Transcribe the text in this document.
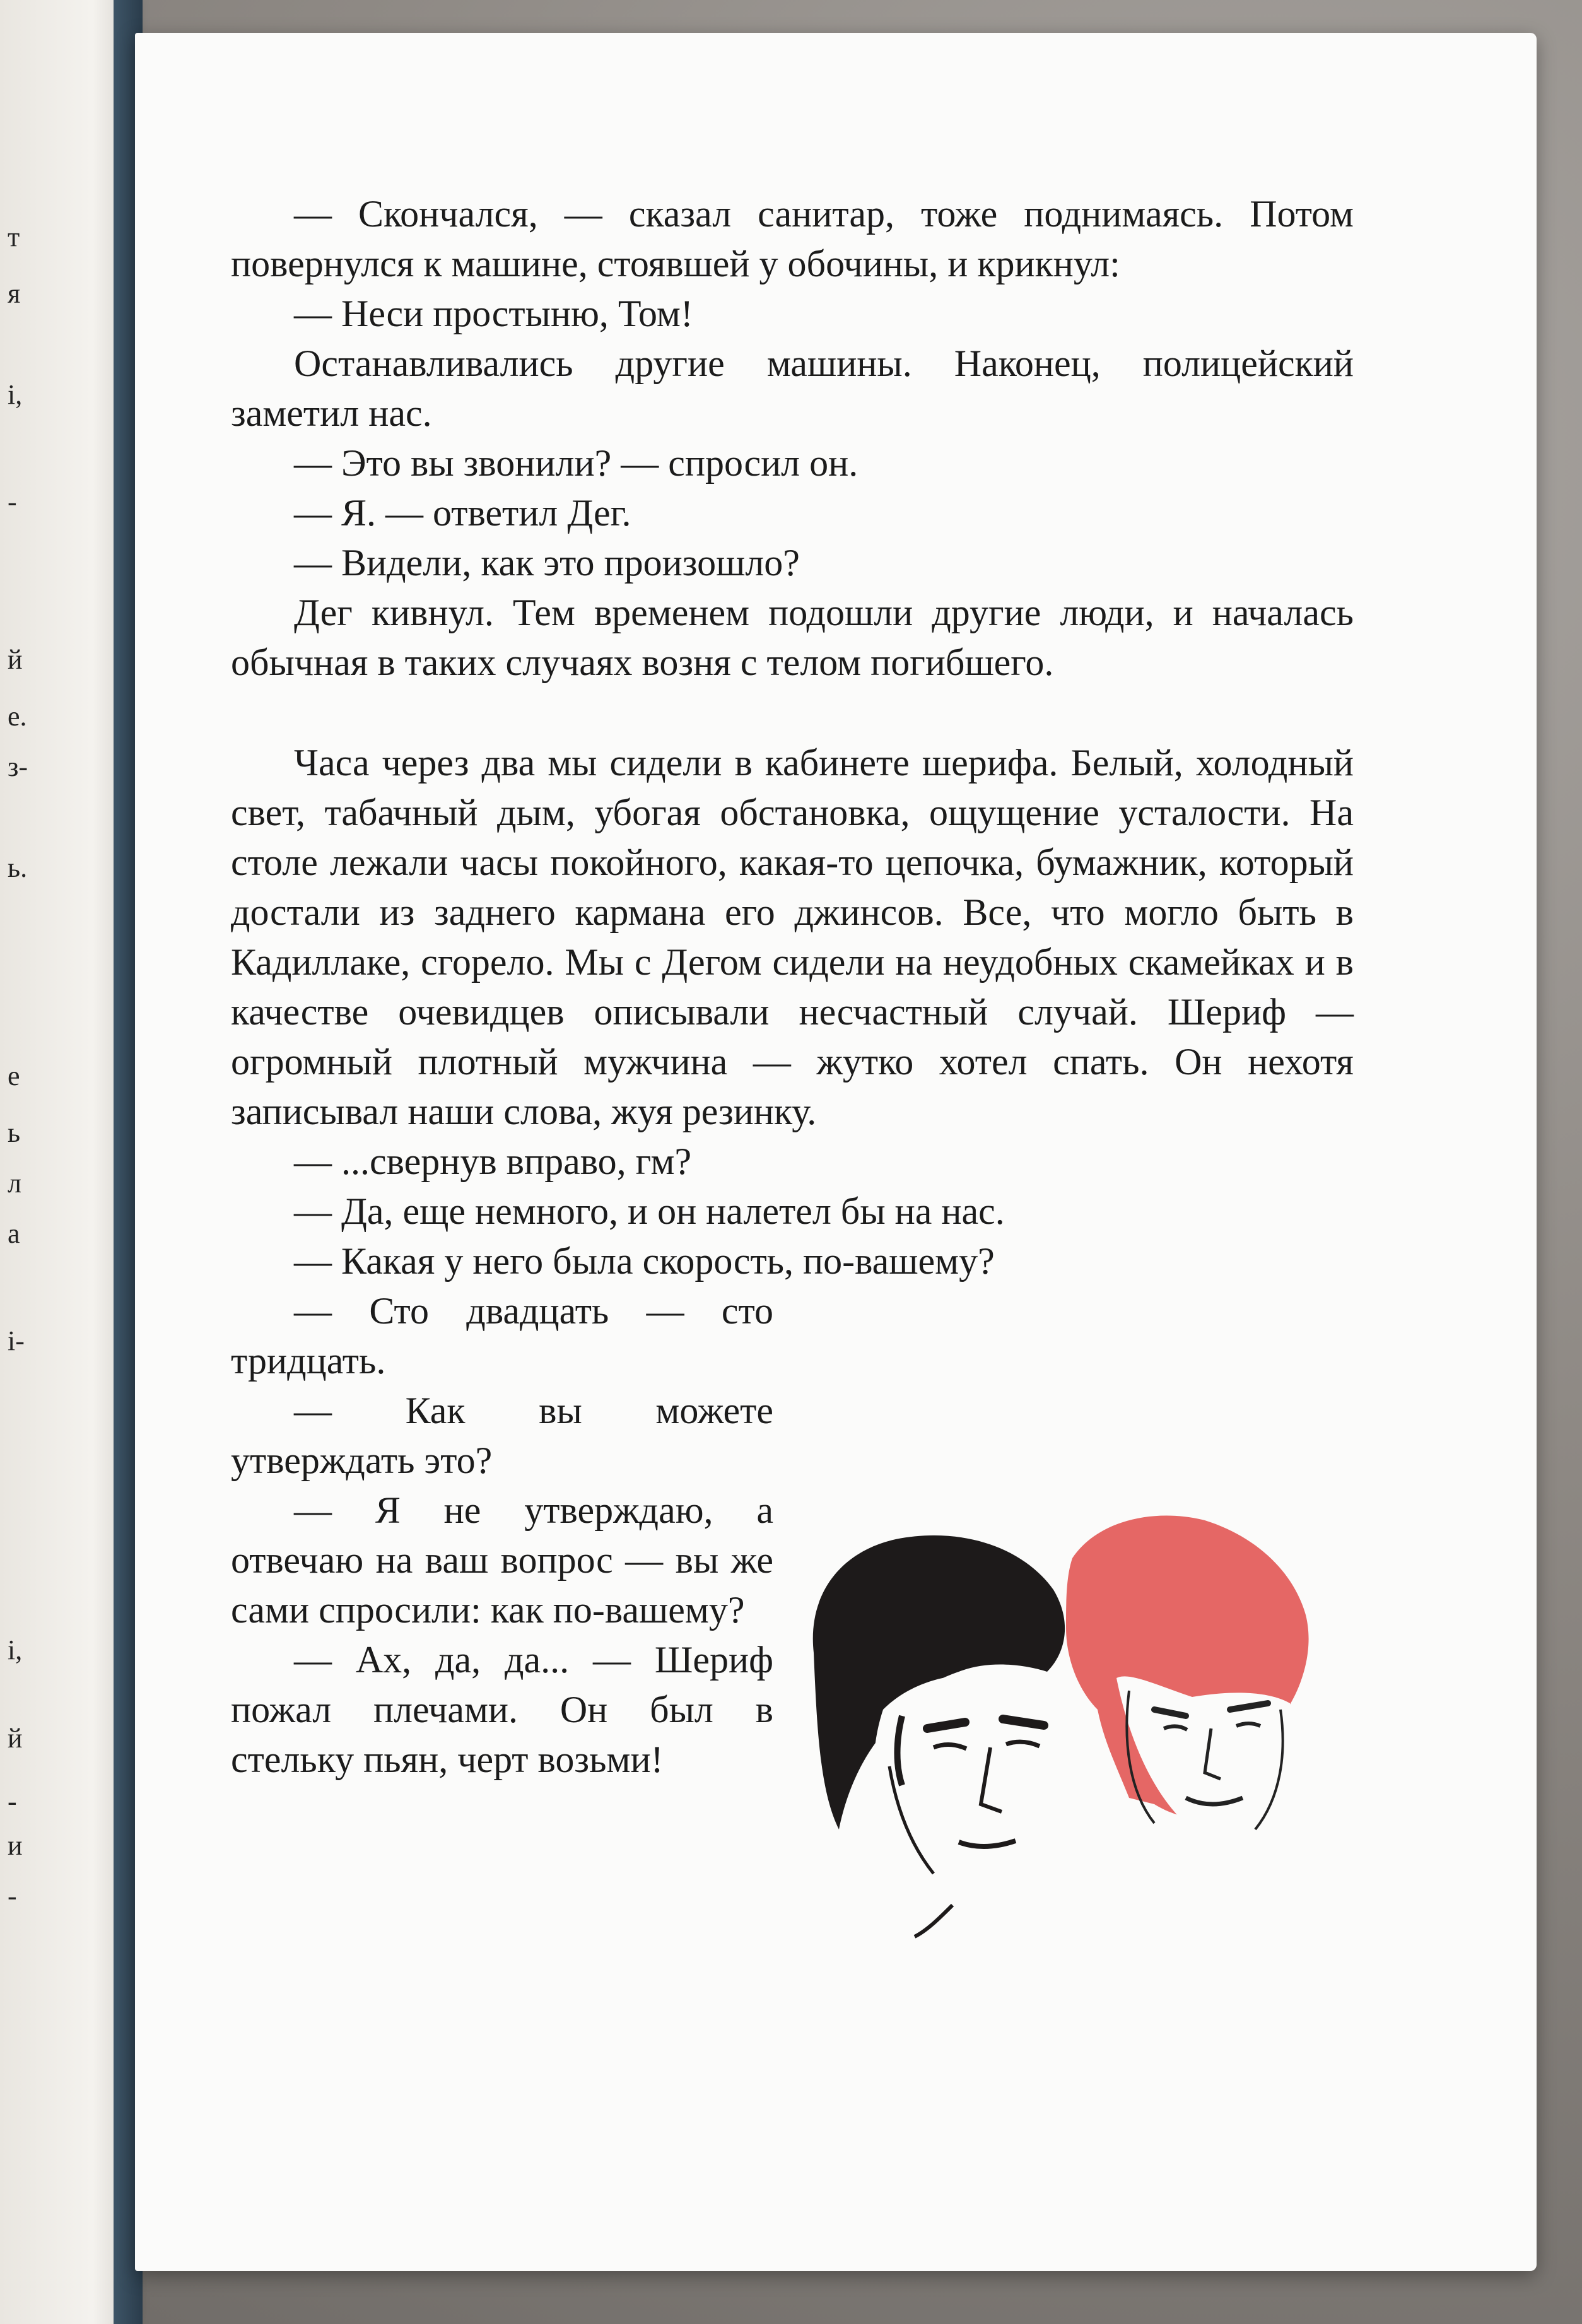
т
я
і,
-
й
е.
з-
ь.
е
ь
л
а
і-
і,
й
-
и
-

— Скончался, — сказал санитар, тоже поднимаясь. Потом повернулся к машине, стоявшей у обочины, и крикнул:

— Неси простыню, Том!

Останавливались другие машины. Наконец, полицейский заметил нас.

— Это вы звонили? — спросил он.

— Я. — ответил Дег.

— Видели, как это произошло?

Дег кивнул. Тем временем подошли другие люди, и началась обычная в таких случаях возня с телом погибшего.

Часа через два мы сидели в кабинете шерифа. Белый, холодный свет, табачный дым, убогая обстановка, ощущение усталости. На столе лежали часы покойного, какая-то цепочка, бумажник, который достали из заднего кармана его джинсов. Все, что могло быть в Кадиллаке, сгорело. Мы с Дегом сидели на неудобных скамейках и в качестве очевидцев описывали несчастный случай. Шериф — огромный плотный мужчина — жутко хотел спать. Он нехотя записывал наши слова, жуя резинку.

— ...свернув вправо, гм?

— Да, еще немного, и он налетел бы на нас.

— Какая у него была скорость, по-вашему?

— Сто двадцать — сто тридцать.

— Как вы можете утверждать это?

— Я не утверждаю, а отвечаю на ваш вопрос — вы же сами спросили: как по-вашему?

— Ах, да, да... — Шериф пожал плечами. Он был в стельку пьян, черт возьми!
